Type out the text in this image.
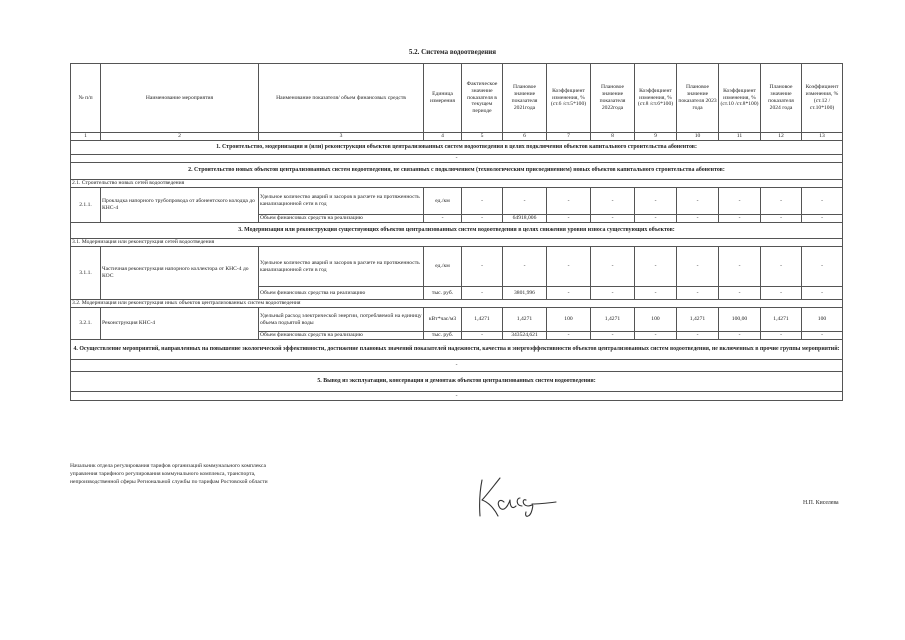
5.2. Система водоотведения
№ п/п	Наименование мероприятия	Наименование показателя/ объем финансовых средств	Единица измерения	Фактическое значение показателя в текущем периоде	Плановое значение показателя 2021года	Коэффициент изменения, % (ст.6 /ст.5*100)	Плановое значение показателя 2022года	Коэффициент изменения, % (ст.8 /ст.6*100)	Плановое значение показателя 2023 года	Коэффициент изменения, % (ст.10 /ст.8*100)	Плановое значение показателя 2024 года	Коэффициент изменения, % (ст.12 /ст.10*100)	
1	2	3	4	5	6	7	8	9	10	11	12	13	
1. Строительство, модернизация и (или) реконструкция объектов централизованных систем водоотведения в целях подключения объектов капитального строительства абонентов:													
-													
2. Строительство новых объектов централизованных систем водоотведения, не связанных с подключением (технологическим присоединением) новых объектов капитального строительства абонентов:													
2.1. Строительство новых сетей водоотведения													
2.1.1.	Прокладка напорного трубопровода от абонентского колодца до КНС-4	Удельное количество аварий и засоров в расчете на протяженность канализационной сети в год	ед./км	-	-	-	-	-	-	-	-	-	
		Объем финансовых средств на реализацию	-	-	64918,006	-	-	-	-	-	-	-	
3. Модернизация или реконструкция существующих объектов централизованных систем водоотведения в целях снижения уровня износа существующих объектов:													
3.1. Модернизация или реконструкция сетей водоотведения													
3.1.1.	Частичная реконструкция напорного коллектора от КНС-4 до КОС	Удельное количество аварий и засоров в расчете на протяженность канализационной сети в год	ед./км	-	-	-	-	-	-	-	-	-	
		Объем финансовых средства на реализацию	тыс. руб.	-	3801,996	-	-	-	-	-	-	-	
3.2. Модернизация или реконструкция иных объектов централизованных систем водоотведения													
3.2.1.	Реконструкция КНС-4	Удельный расход электрической энергии, потребляемой на единицу объема подъятой воды	кВт*час/м3	1,4271	1,4271	100	1,4271	100	1,4271	100,00	1,4271	100	
		Объем финансовых средств на реализацию	тыс. руб.	-	343524,621	-	-	-	-	-	-	-	
4. Осуществление мероприятий, направленных на повышение экологической эффективности, достижение плановых значений показателей надежности, качества и энергоэффективности объектов централизованных систем водоотведения, не включенных в прочие группы мероприятий:													
-													
5. Вывод из эксплуатации, консервация и демонтаж объектов централизованных систем водоотведения:													
-													
Начальник отдела регулирования тарифов организаций коммунального комплекса управления тарифного регулирования коммунального комплекса, транспорта, непроизводственной сферы Региональной службы по тарифам Ростовской области
Н.П. Киселева
